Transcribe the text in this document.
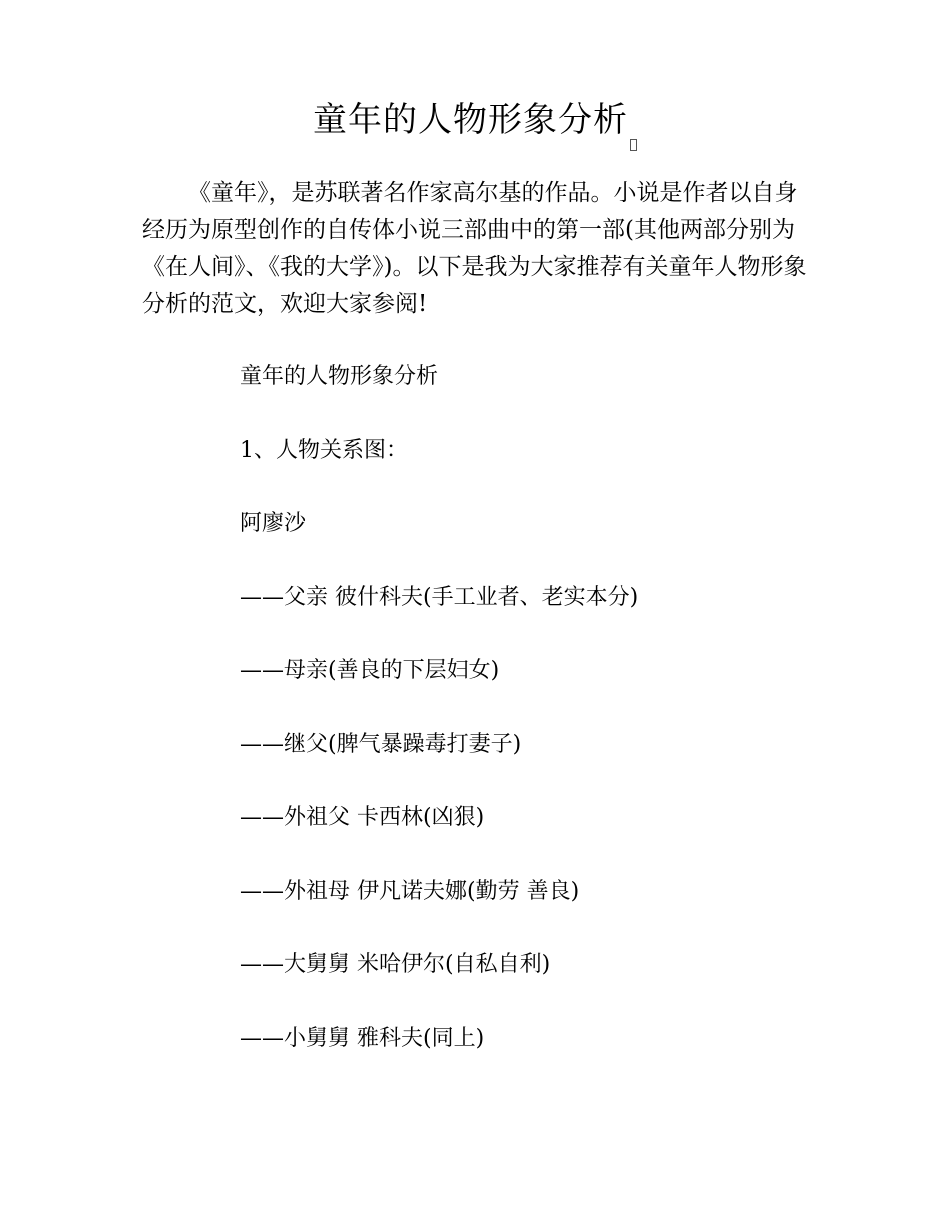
童年的人物形象分析

《童年》，是苏联著名作家高尔基的作品。小说是作者以自身经历为原型创作的自传体小说三部曲中的第一部(其他两部分别为《在人间》、《我的大学》)。以下是我为大家推荐有关童年人物形象分析的范文，欢迎大家参阅!

童年的人物形象分析
1、人物关系图：
阿廖沙
——父亲 彼什科夫(手工业者、老实本分)
——母亲(善良的下层妇女)
——继父(脾气暴躁毒打妻子)
——外祖父 卡西林(凶狠)
——外祖母 伊凡诺夫娜(勤劳 善良)
——大舅舅 米哈伊尔(自私自利)
——小舅舅 雅科夫(同上)
